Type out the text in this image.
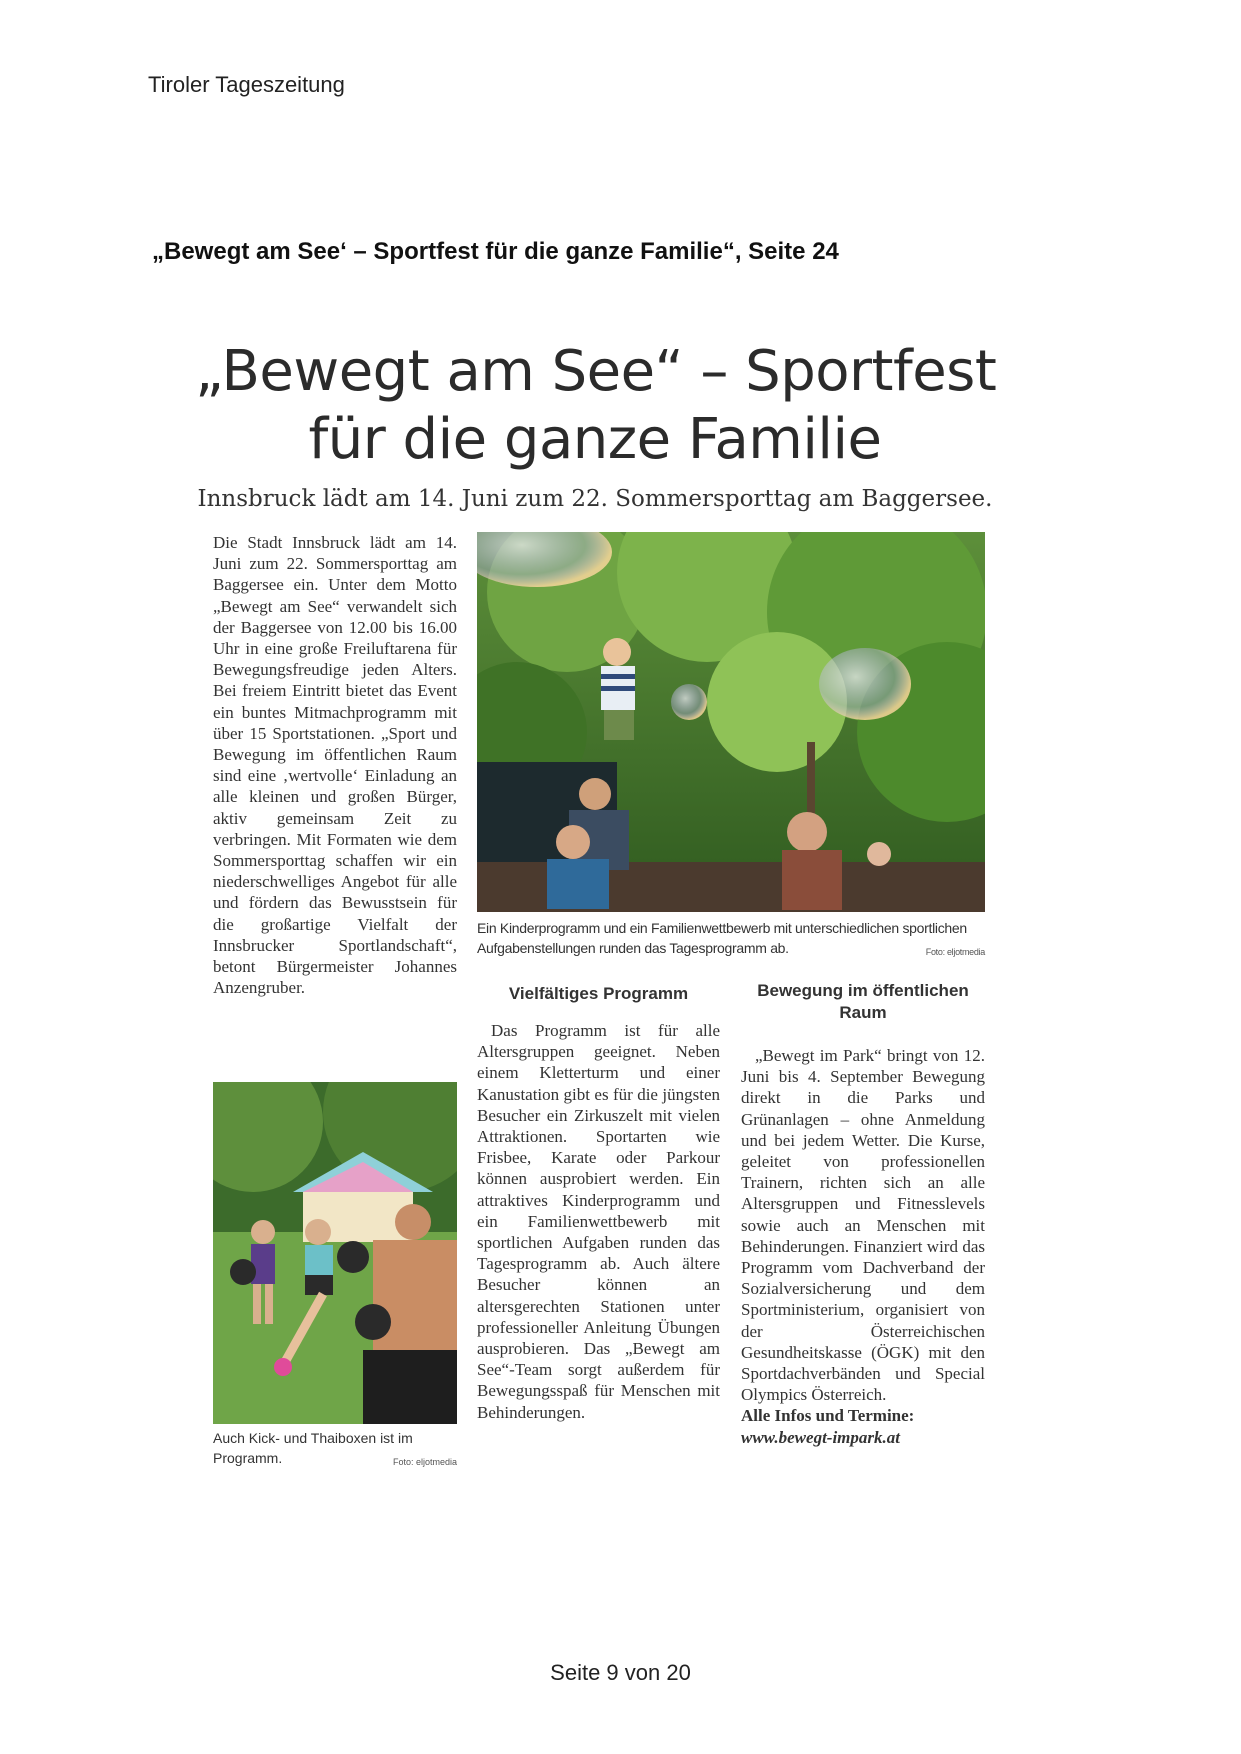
Tiroler Tageszeitung
„Bewegt am See‘ – Sportfest für die ganze Familie“, Seite 24
„Bewegt am See“ – Sportfest
für die ganze Familie
Innsbruck lädt am 14. Juni zum 22. Sommersporttag am Baggersee.
Die Stadt Innsbruck lädt am 14. Juni zum 22. Sommersporttag am Baggersee ein. Unter dem Motto „Bewegt am See“ verwandelt sich der Baggersee von 12.00 bis 16.00 Uhr in eine große Freiluftarena für Bewegungsfreudige jeden Alters. Bei freiem Eintritt bietet das Event ein buntes Mitmachprogramm mit über 15 Sportstationen. „Sport und Bewegung im öffentlichen Raum sind eine ‚wertvolle‘ Einladung an alle kleinen und großen Bürger, aktiv gemeinsam Zeit zu verbringen. Mit Formaten wie dem Sommersporttag schaffen wir ein niederschwelliges Angebot für alle und fördern das Bewusstsein für die großartige Vielfalt der Innsbrucker Sportlandschaft“, betont Bürgermeister Johannes Anzengruber.
Ein Kinderprogramm und ein Familienwettbewerb mit unterschiedlichen sportlichen Aufgabenstellungen runden das Tagesprogramm ab.	Foto: eljotmedia
Vielfältiges Programm
Das Programm ist für alle Altersgruppen geeignet. Neben einem Kletterturm und einer Kanustation gibt es für die jüngsten Besucher ein Zirkuszelt mit vielen Attraktionen. Sportarten wie Frisbee, Karate oder Parkour können ausprobiert werden. Ein attraktives Kinderprogramm und ein Familienwettbewerb mit sportlichen Aufgaben runden das Tagesprogramm ab. Auch ältere Besucher können an altersgerechten Stationen unter professioneller Anleitung Übungen ausprobieren. Das „Bewegt am See“-Team sorgt außerdem für Bewegungsspaß für Menschen mit Behinderungen.
Bewegung im öffentlichen Raum

„Bewegt im Park“ bringt von 12. Juni bis 4. September Bewegung direkt in die Parks und Grünanlagen – ohne Anmeldung und bei jedem Wetter. Die Kurse, geleitet von professionellen Trainern, richten sich an alle Altersgruppen und Fitnesslevels sowie auch an Menschen mit Behinderungen. Finanziert wird das Programm vom Dachverband der Sozialversicherung und dem Sportministerium, organisiert von der Österreichischen Gesundheitskasse (ÖGK) mit den Sportdachverbänden und Special Olympics Österreich.

Alle Infos und Termine:

www.bewegt-impark.at

Auch Kick- und Thaiboxen ist im Programm.	Foto: eljotmedia
Seite 9 von 20
